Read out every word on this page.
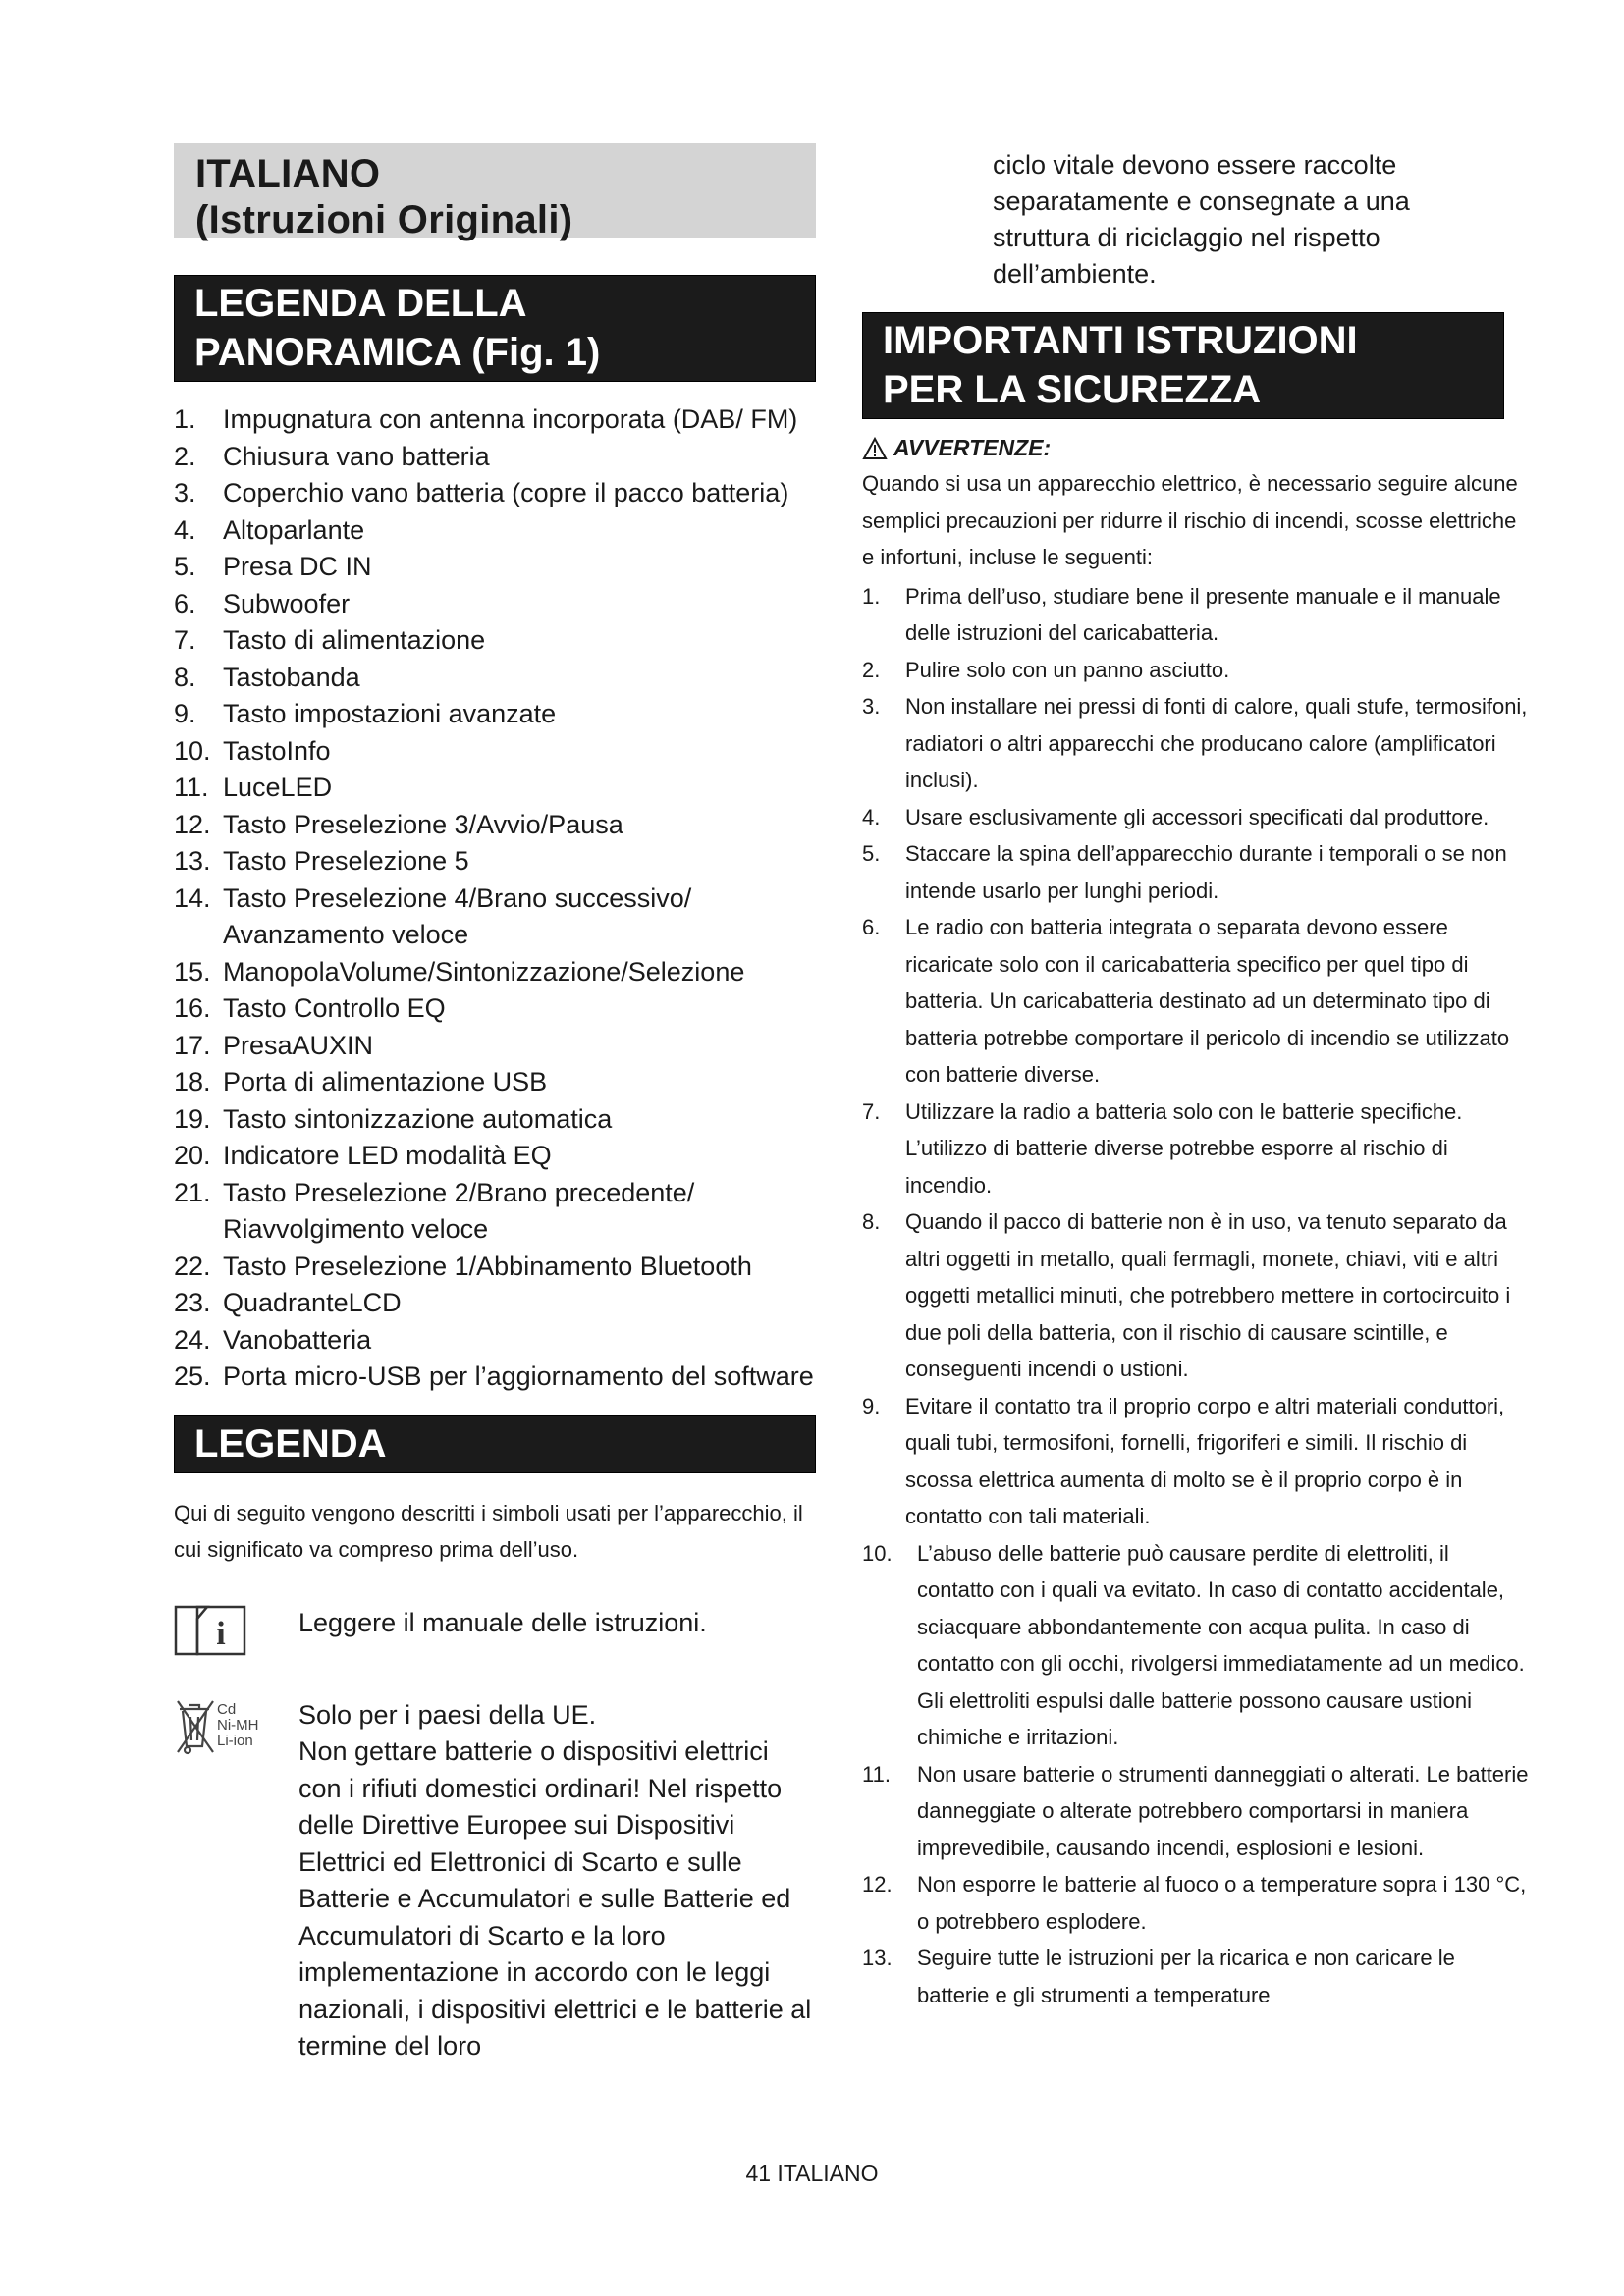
ITALIANO
(Istruzioni Originali)
LEGENDA DELLA
PANORAMICA (Fig. 1)
1.	Impugnatura con antenna incorporata (DAB/ FM)
2.	Chiusura vano batteria
3.	Coperchio vano batteria (copre il pacco batteria)
4.	Altoparlante
5.	Presa DC IN
6.	Subwoofer
7.	Tasto di alimentazione
8.	Tastobanda
9.	Tasto impostazioni avanzate
10. TastoInfo
11. LuceLED
12. Tasto Preselezione 3/Avvio/Pausa
13. Tasto Preselezione 5
14. Tasto Preselezione 4/Brano successivo/ Avanzamento veloce
15. ManopolaVolume/Sintonizzazione/Selezione
16. Tasto Controllo EQ
17. PresaAUXIN
18. Porta di alimentazione USB
19. Tasto sintonizzazione automatica
20. Indicatore LED modalità EQ
21. Tasto Preselezione 2/Brano precedente/ Riavvolgimento veloce
22. Tasto Preselezione 1/Abbinamento Bluetooth
23. QuadranteLCD
24. Vanobatteria
25. Porta micro-USB per l’aggiornamento del software
LEGENDA
Qui di seguito vengono descritti i simboli usati per l’apparecchio, il cui significato va compreso prima dell’uso.
i	Leggere il manuale delle istruzioni.
Cd
Ni-MH
Li-ion
Solo per i paesi della UE.
Non gettare batterie o dispositivi elettrici con i rifiuti domestici ordinari! Nel rispetto delle Direttive Europee sui Dispositivi Elettrici ed Elettronici di Scarto e sulle Batterie e Accumulatori e sulle Batterie ed Accumulatori di Scarto e la loro implementazione in accordo con le leggi nazionali, i dispositivi elettrici e le batterie al termine del loro
ciclo vitale devono essere raccolte separatamente e consegnate a una struttura di riciclaggio nel rispetto dell’ambiente.
IMPORTANTI ISTRUZIONI
PER LA SICUREZZA
AVVERTENZE:
Quando si usa un apparecchio elettrico, è necessario seguire alcune semplici precauzioni per ridurre il rischio di incendi, scosse elettriche e infortuni, incluse le seguenti:
1.	Prima dell’uso, studiare bene il presente manuale e il manuale delle istruzioni del caricabatteria.
2.	Pulire solo con un panno asciutto.
3.	Non installare nei pressi di fonti di calore, quali stufe, termosifoni, radiatori o altri apparecchi che producano calore (amplificatori inclusi).
4.	Usare esclusivamente gli accessori specificati dal produttore.
5.	Staccare la spina dell’apparecchio durante i temporali o se non intende usarlo per lunghi periodi.
6.	Le radio con batteria integrata o separata devono essere ricaricate solo con il caricabatteria specifico per quel tipo di batteria. Un caricabatteria destinato ad un determinato tipo di batteria potrebbe comportare il pericolo di incendio se utilizzato con batterie diverse.
7.	Utilizzare la radio a batteria solo con le batterie specifiche. L’utilizzo di batterie diverse potrebbe esporre al rischio di incendio.
8.	Quando il pacco di batterie non è in uso, va tenuto separato da altri oggetti in metallo, quali fermagli, monete, chiavi, viti e altri oggetti metallici minuti, che potrebbero mettere in cortocircuito i due poli della batteria, con il rischio di causare scintille, e conseguenti incendi o ustioni.
9.	Evitare il contatto tra il proprio corpo e altri materiali conduttori, quali tubi, termosifoni, fornelli, frigoriferi e simili. Il rischio di scossa elettrica aumenta di molto se è il proprio corpo è in contatto con tali materiali.
10.	L’abuso delle batterie può causare perdite di elettroliti, il contatto con i quali va evitato. In caso di contatto accidentale, sciacquare abbondantemente con acqua pulita. In caso di contatto con gli occhi, rivolgersi immediatamente ad un medico. Gli elettroliti espulsi dalle batterie possono causare ustioni chimiche e irritazioni.
11.	Non usare batterie o strumenti danneggiati o alterati. Le batterie danneggiate o alterate potrebbero comportarsi in maniera imprevedibile, causando incendi, esplosioni e lesioni.
12.	Non esporre le batterie al fuoco o a temperature sopra i 130 °C, o potrebbero esplodere.
13.	Seguire tutte le istruzioni per la ricarica e non caricare le batterie e gli strumenti a temperature
41 ITALIANO
